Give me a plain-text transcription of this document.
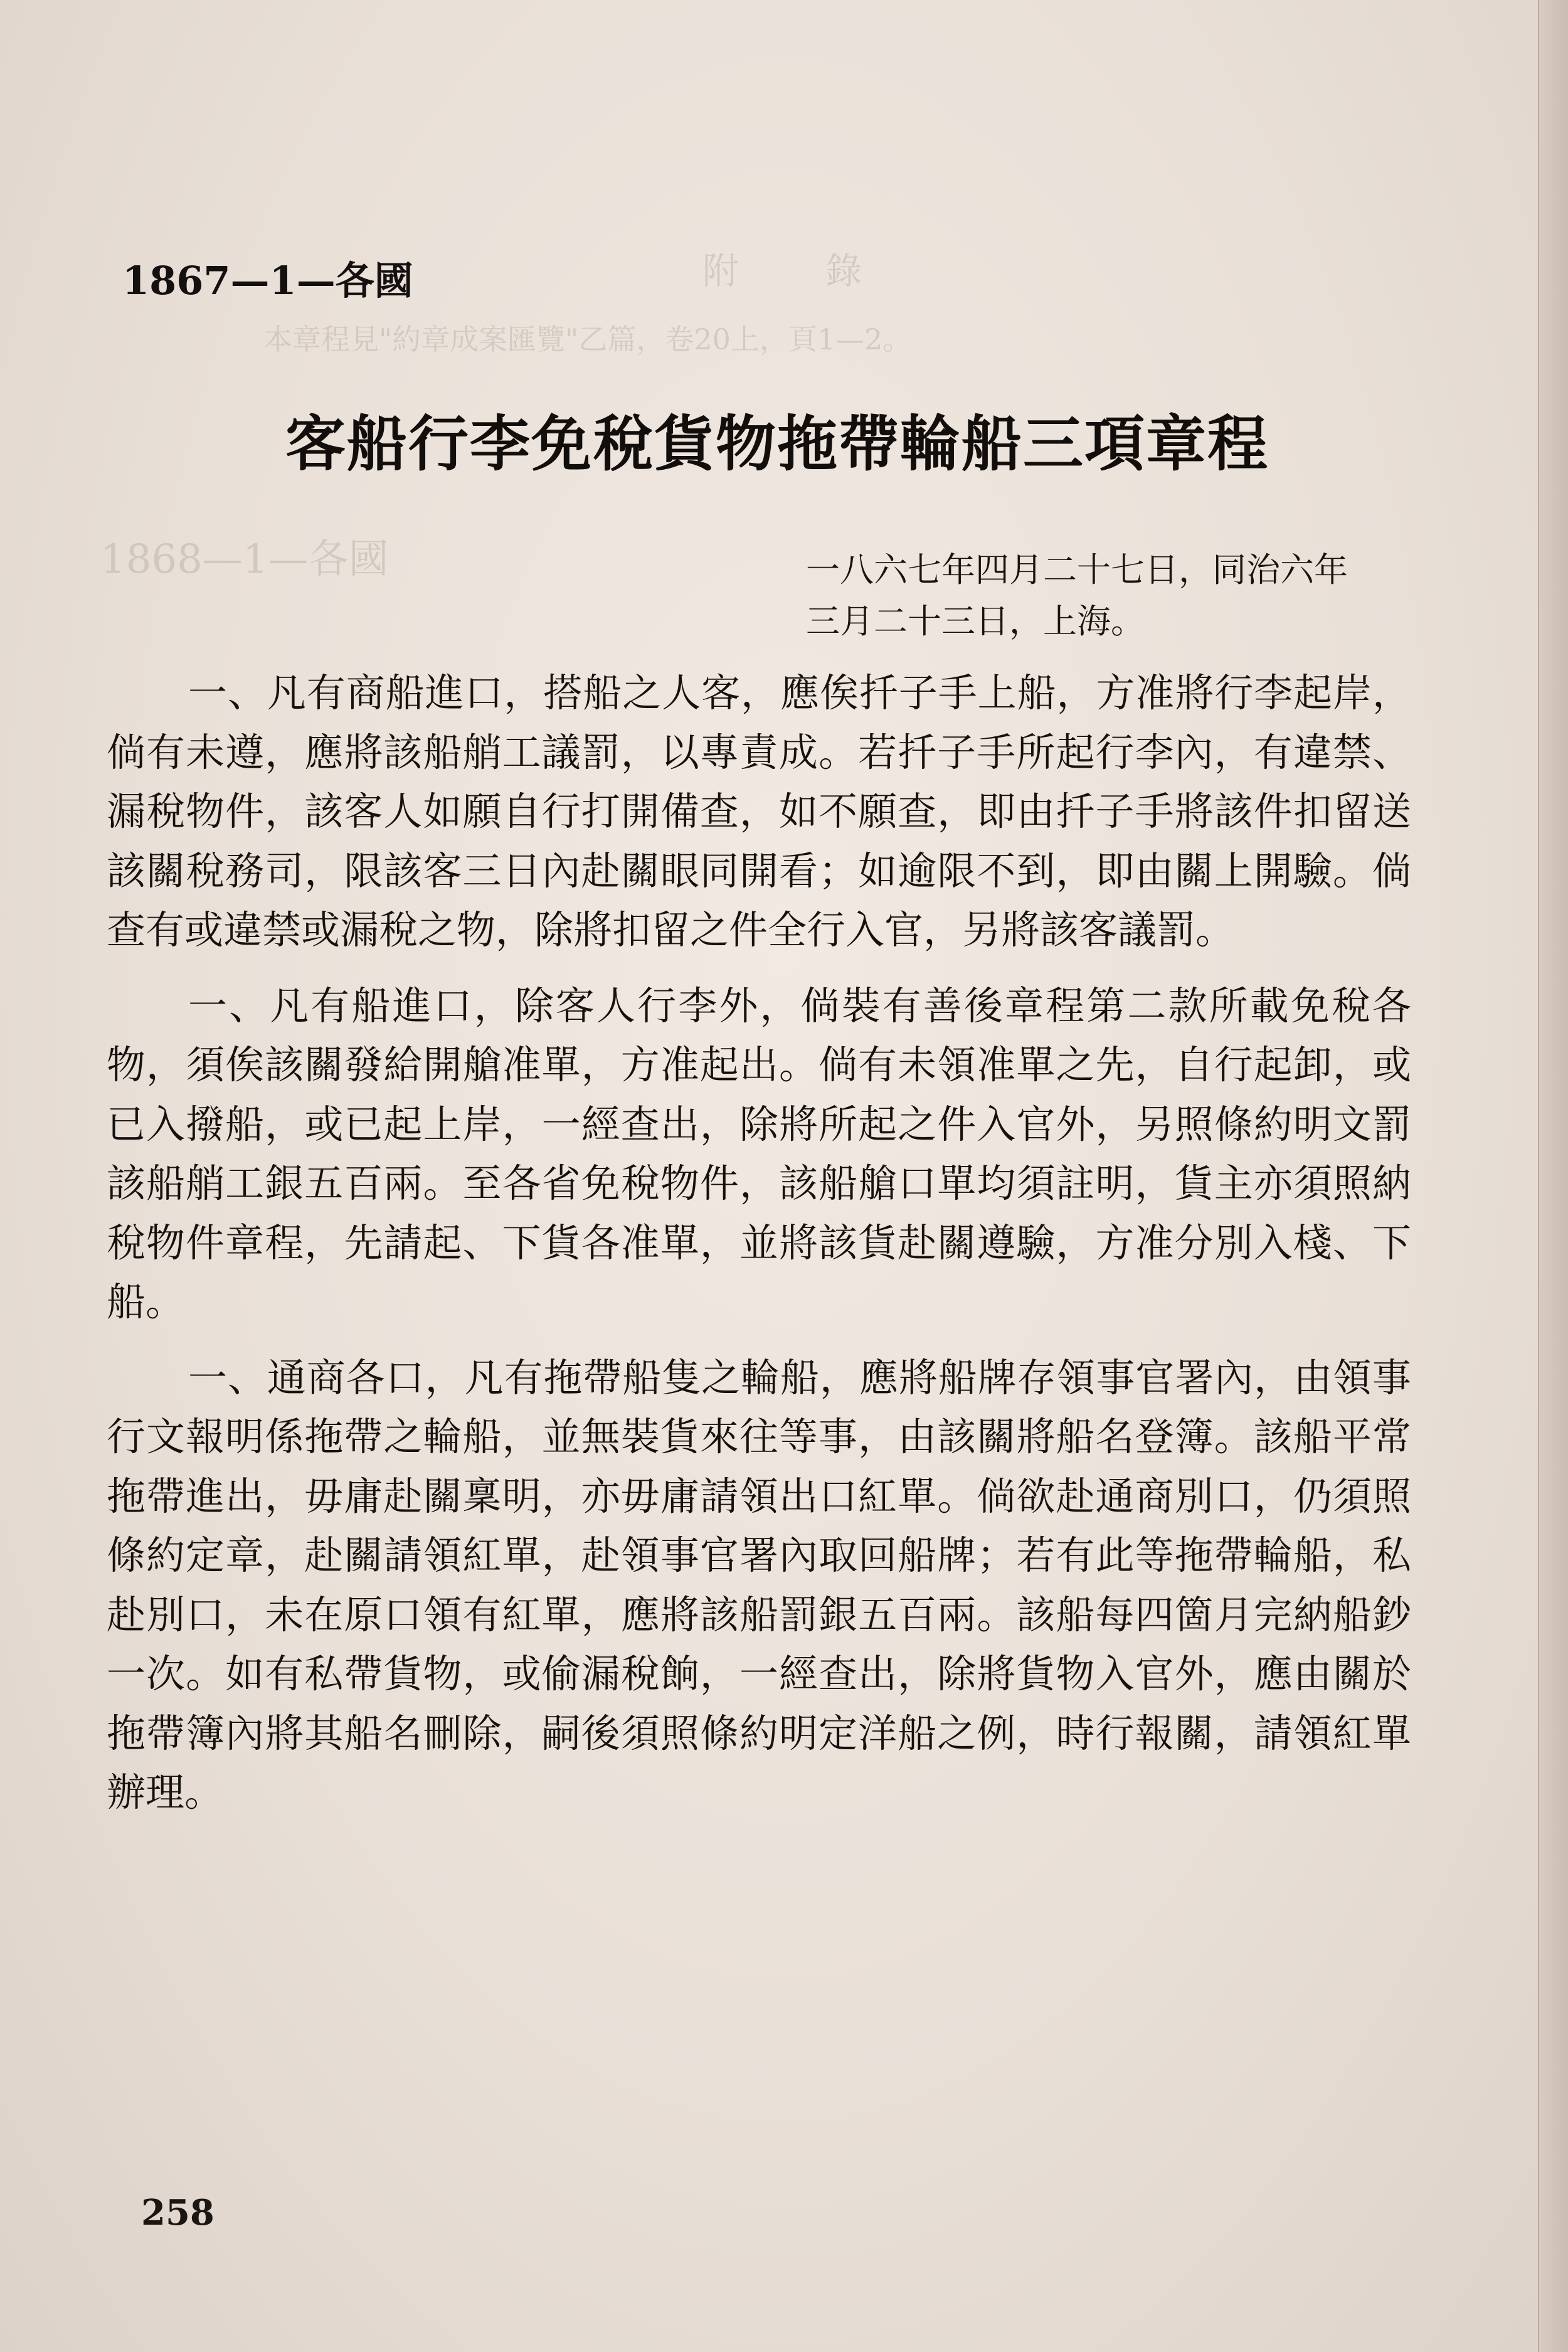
附 錄
本章程見"約章成案匯覽"乙篇，卷20上，頁1—2。
1868—1—各國
1867—1—各國
客船行李免稅貨物拖帶輪船三項章程
一八六七年四月二十七日，同治六年
三月二十三日，上海。

一、凡有商船進口，搭船之人客，應俟扦子手上船，方准將行李起岸，倘有未遵，應將該船艄工議罰，以專責成。若扦子手所起行李內，有違禁、漏稅物件，該客人如願自行打開備查，如不願查，即由扦子手將該件扣留送該關稅務司，限該客三日內赴關眼同開看；如逾限不到，即由關上開驗。倘查有或違禁或漏稅之物，除將扣留之件全行入官，另將該客議罰。

一、凡有船進口，除客人行李外，倘裝有善後章程第二款所載免稅各物，須俟該關發給開艙准單，方准起出。倘有未領准單之先，自行起卸，或已入撥船，或已起上岸，一經查出，除將所起之件入官外，另照條約明文罰該船艄工銀五百兩。至各省免稅物件，該船艙口單均須註明，貨主亦須照納稅物件章程，先請起、下貨各准單，並將該貨赴關遵驗，方准分別入棧、下船。

一、通商各口，凡有拖帶船隻之輪船，應將船牌存領事官署內，由領事行文報明係拖帶之輪船，並無裝貨來往等事，由該關將船名登簿。該船平常拖帶進出，毋庸赴關稟明，亦毋庸請領出口紅單。倘欲赴通商別口，仍須照條約定章，赴關請領紅單，赴領事官署內取回船牌；若有此等拖帶輪船，私赴別口，未在原口領有紅單，應將該船罰銀五百兩。該船每四箇月完納船鈔一次。如有私帶貨物，或偷漏稅餉，一經查出，除將貨物入官外，應由關於拖帶簿內將其船名刪除，嗣後須照條約明定洋船之例，時行報關，請領紅單辦理。

258
